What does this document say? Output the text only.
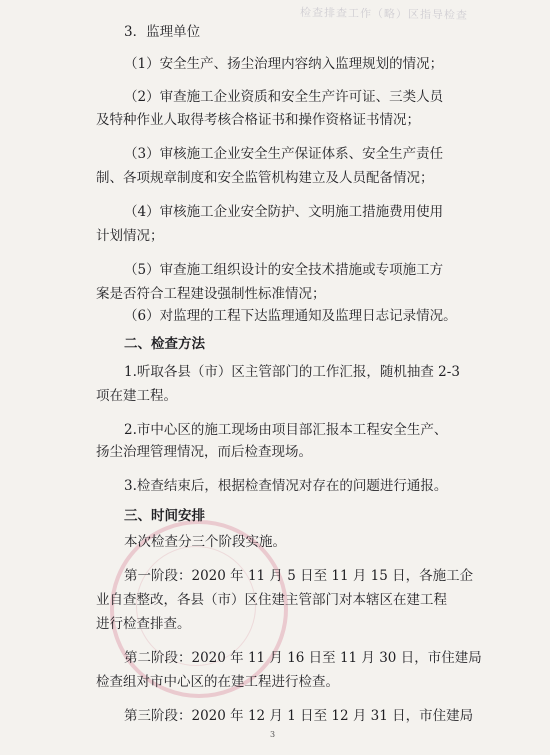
检查排查工作（略）区指导检查
3．监理单位
（1）安全生产、扬尘治理内容纳入监理规划的情况；
（2）审查施工企业资质和安全生产许可证、三类人员
及特种作业人取得考核合格证书和操作资格证书情况；
（3）审核施工企业安全生产保证体系、安全生产责任
制、各项规章制度和安全监管机构建立及人员配备情况；
（4）审核施工企业安全防护、文明施工措施费用使用
计划情况；
（5）审查施工组织设计的安全技术措施或专项施工方
案是否符合工程建设强制性标准情况；
（6）对监理的工程下达监理通知及监理日志记录情况。
二、检查方法
1.听取各县（市）区主管部门的工作汇报，随机抽查 2-3
项在建工程。
2.市中心区的施工现场由项目部汇报本工程安全生产、
扬尘治理管理情况，而后检查现场。
3.检查结束后，根据检查情况对存在的问题进行通报。
三、时间安排
本次检查分三个阶段实施。
第一阶段：2020 年 11 月 5 日至 11 月 15 日，各施工企
业自查整改，各县（市）区住建主管部门对本辖区在建工程
进行检查排查。
第二阶段：2020 年 11 月 16 日至 11 月 30 日，市住建局
检查组对市中心区的在建工程进行检查。
第三阶段：2020 年 12 月 1 日至 12 月 31 日，市住建局
3
